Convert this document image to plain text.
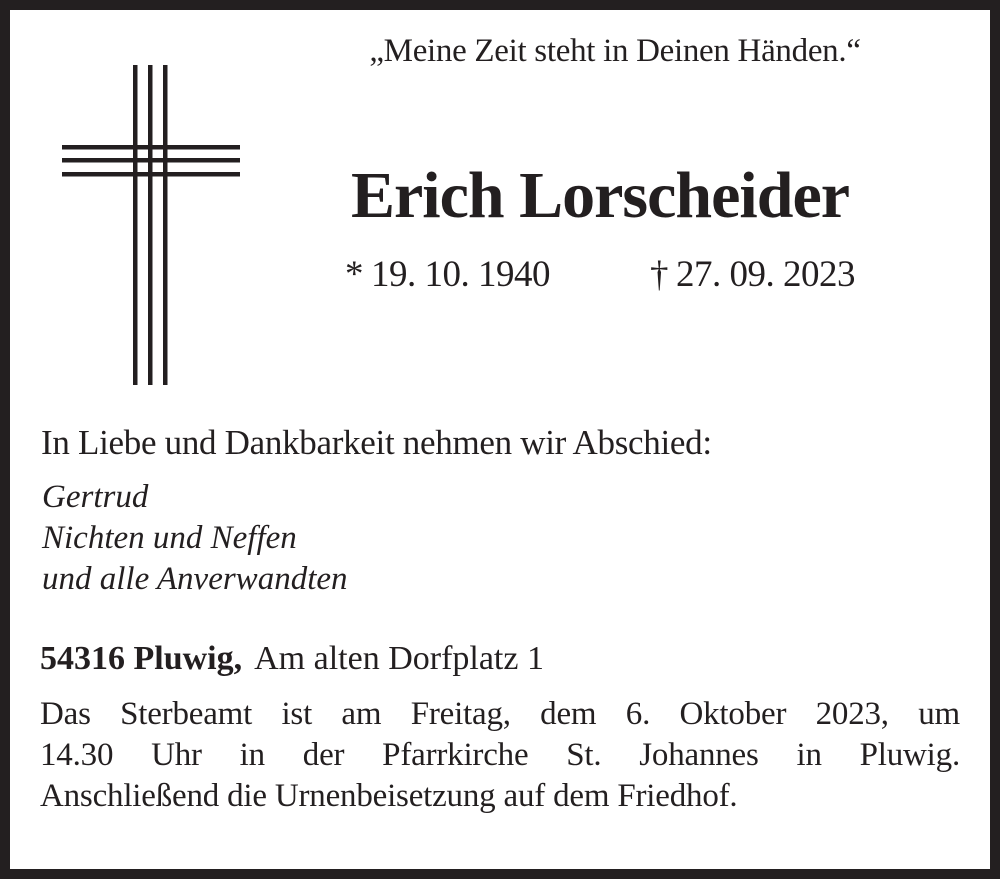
„Meine Zeit steht in Deinen Händen.“
Erich Lorscheider
* 19. 10. 1940	† 27. 09. 2023
In Liebe und Dankbarkeit nehmen wir Abschied:
Gertrud
Nichten und Neffen
und alle Anverwandten
54316 Pluwig, Am alten Dorfplatz 1
Das Sterbeamt ist am Freitag, dem 6. Oktober 2023, um
14.30 Uhr in der Pfarrkirche St. Johannes in Pluwig.
Anschließend die Urnenbeisetzung auf dem Friedhof.
